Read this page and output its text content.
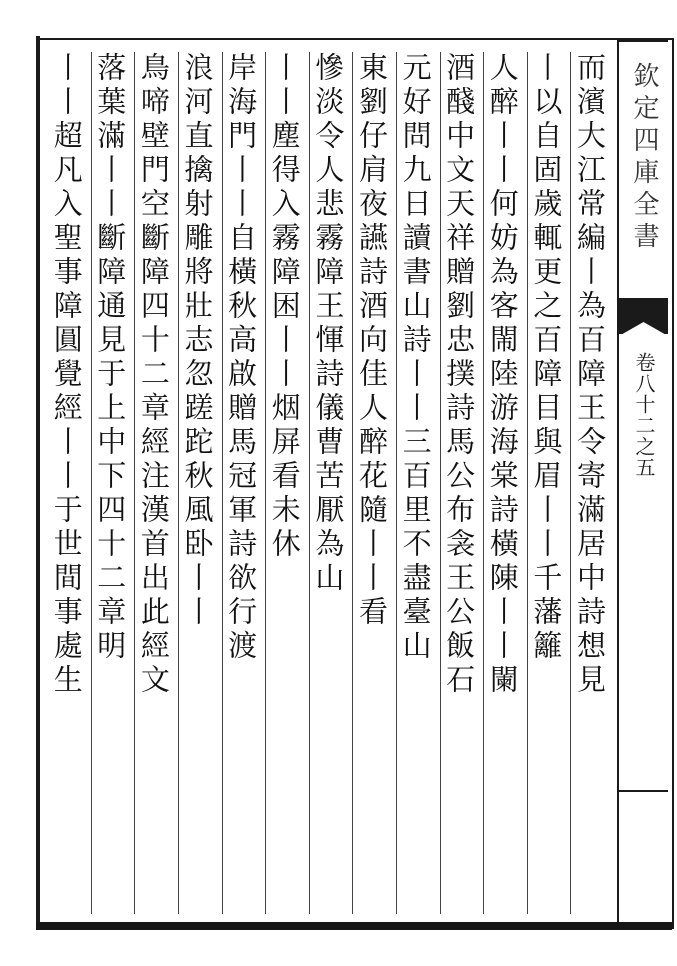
欽定四庫全書
卷八十二之五
而濱大江常編丨為百障王令寄滿居中詩想見
丨以自固歲輒更之百障目與眉丨丨千藩籬
人醉丨丨何妨為客閙陸游海棠詩橫陳丨丨闌
酒醆中文天祥贈劉忠撲詩馬公布衾王公飯石
元好問九日讀書山詩丨丨三百里不盡臺山
東劉仔肩夜讌詩酒向佳人醉花隨丨丨看
慘淡令人悲霧障王惲詩儀曹苦厭為山
丨丨塵得入霧障困丨丨烟屏看未休
岸海門丨丨自橫秋高啟贈馬冠軍詩欲行渡
浪河直擒射雕將壯志忽蹉跎秋風卧丨丨
鳥啼壁門空斷障四十二章經注漢首出此經文
落葉滿丨丨斷障通見于上中下四十二章明
丨丨超凡入聖事障圓覺經丨丨于世間事處生
